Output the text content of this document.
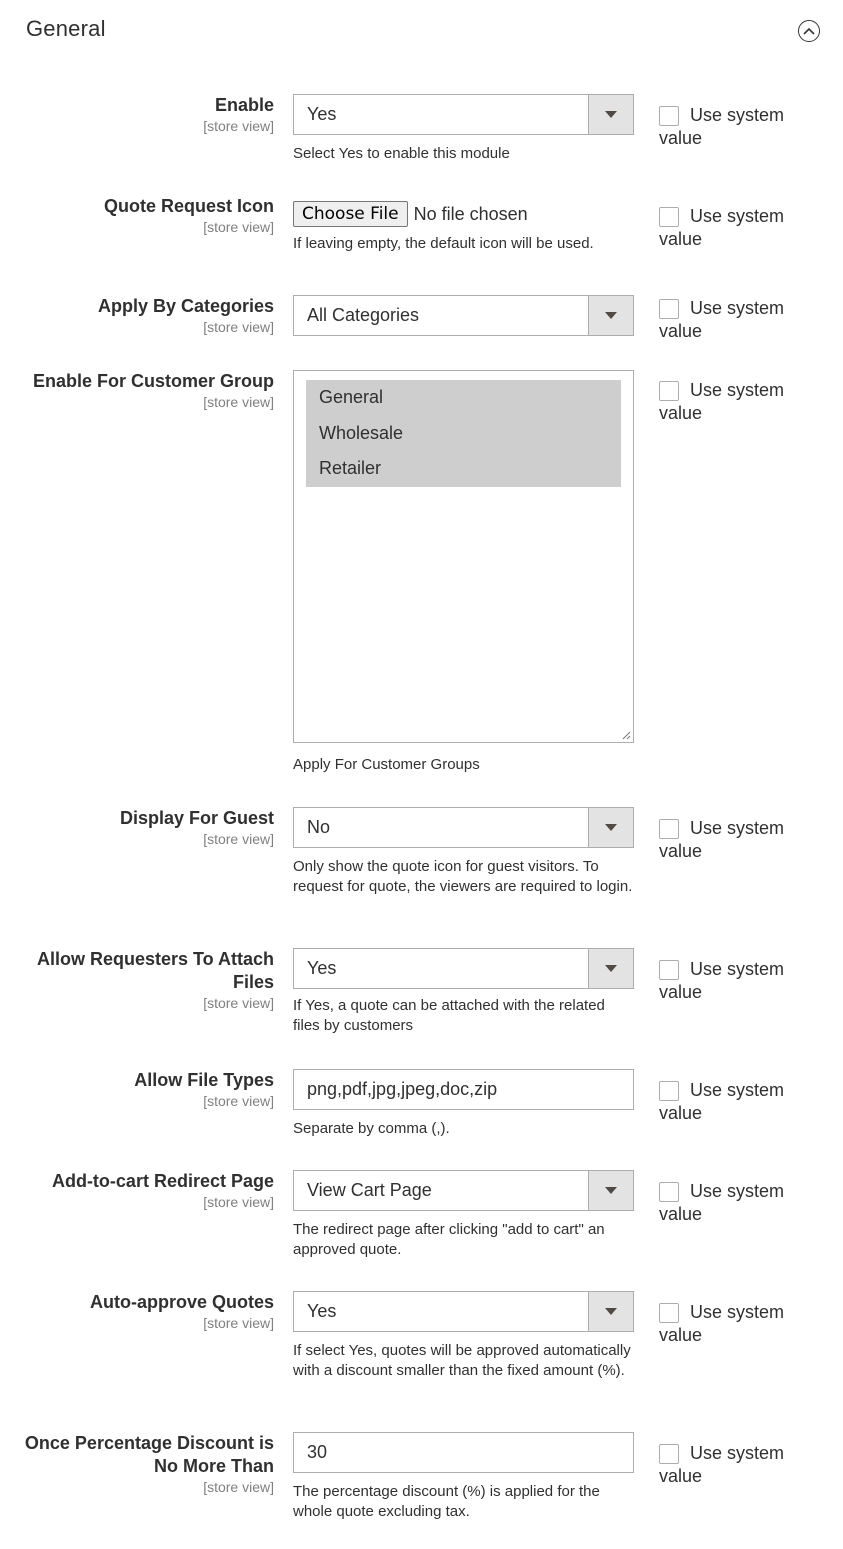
General
Enable
[store view]
Yes
Select Yes to enable this module
Use system
value
Quote Request Icon
[store view]
Choose File No file chosen
If leaving empty, the default icon will be used.
Use system
value
Apply By Categories
[store view]
All Categories	Use system
value
Enable For Customer Group
[store view]	General
Wholesale
Retailer
Apply For Customer Groups
Use system
value
Display For Guest
[store view]
No
Only show the quote icon for guest visitors. To request for quote, the viewers are required to login.
Use system
value
Allow Requesters To Attach
Files
[store view]
Yes
If Yes, a quote can be attached with the related files by customers
Use system
value
Allow File Types
[store view]
png,pdf,jpg,jpeg,doc,zip
Separate by comma (,).
Use system
value
Add-to-cart Redirect Page
[store view]
View Cart Page
The redirect page after clicking "add to cart" an approved quote.
Use system
value
Auto-approve Quotes
[store view]
Yes
If select Yes, quotes will be approved automatically with a discount smaller than the fixed amount (%).
Use system
value
Once Percentage Discount is
No More Than
[store view]
30
The percentage discount (%) is applied for the whole quote excluding tax.
Use system
value
